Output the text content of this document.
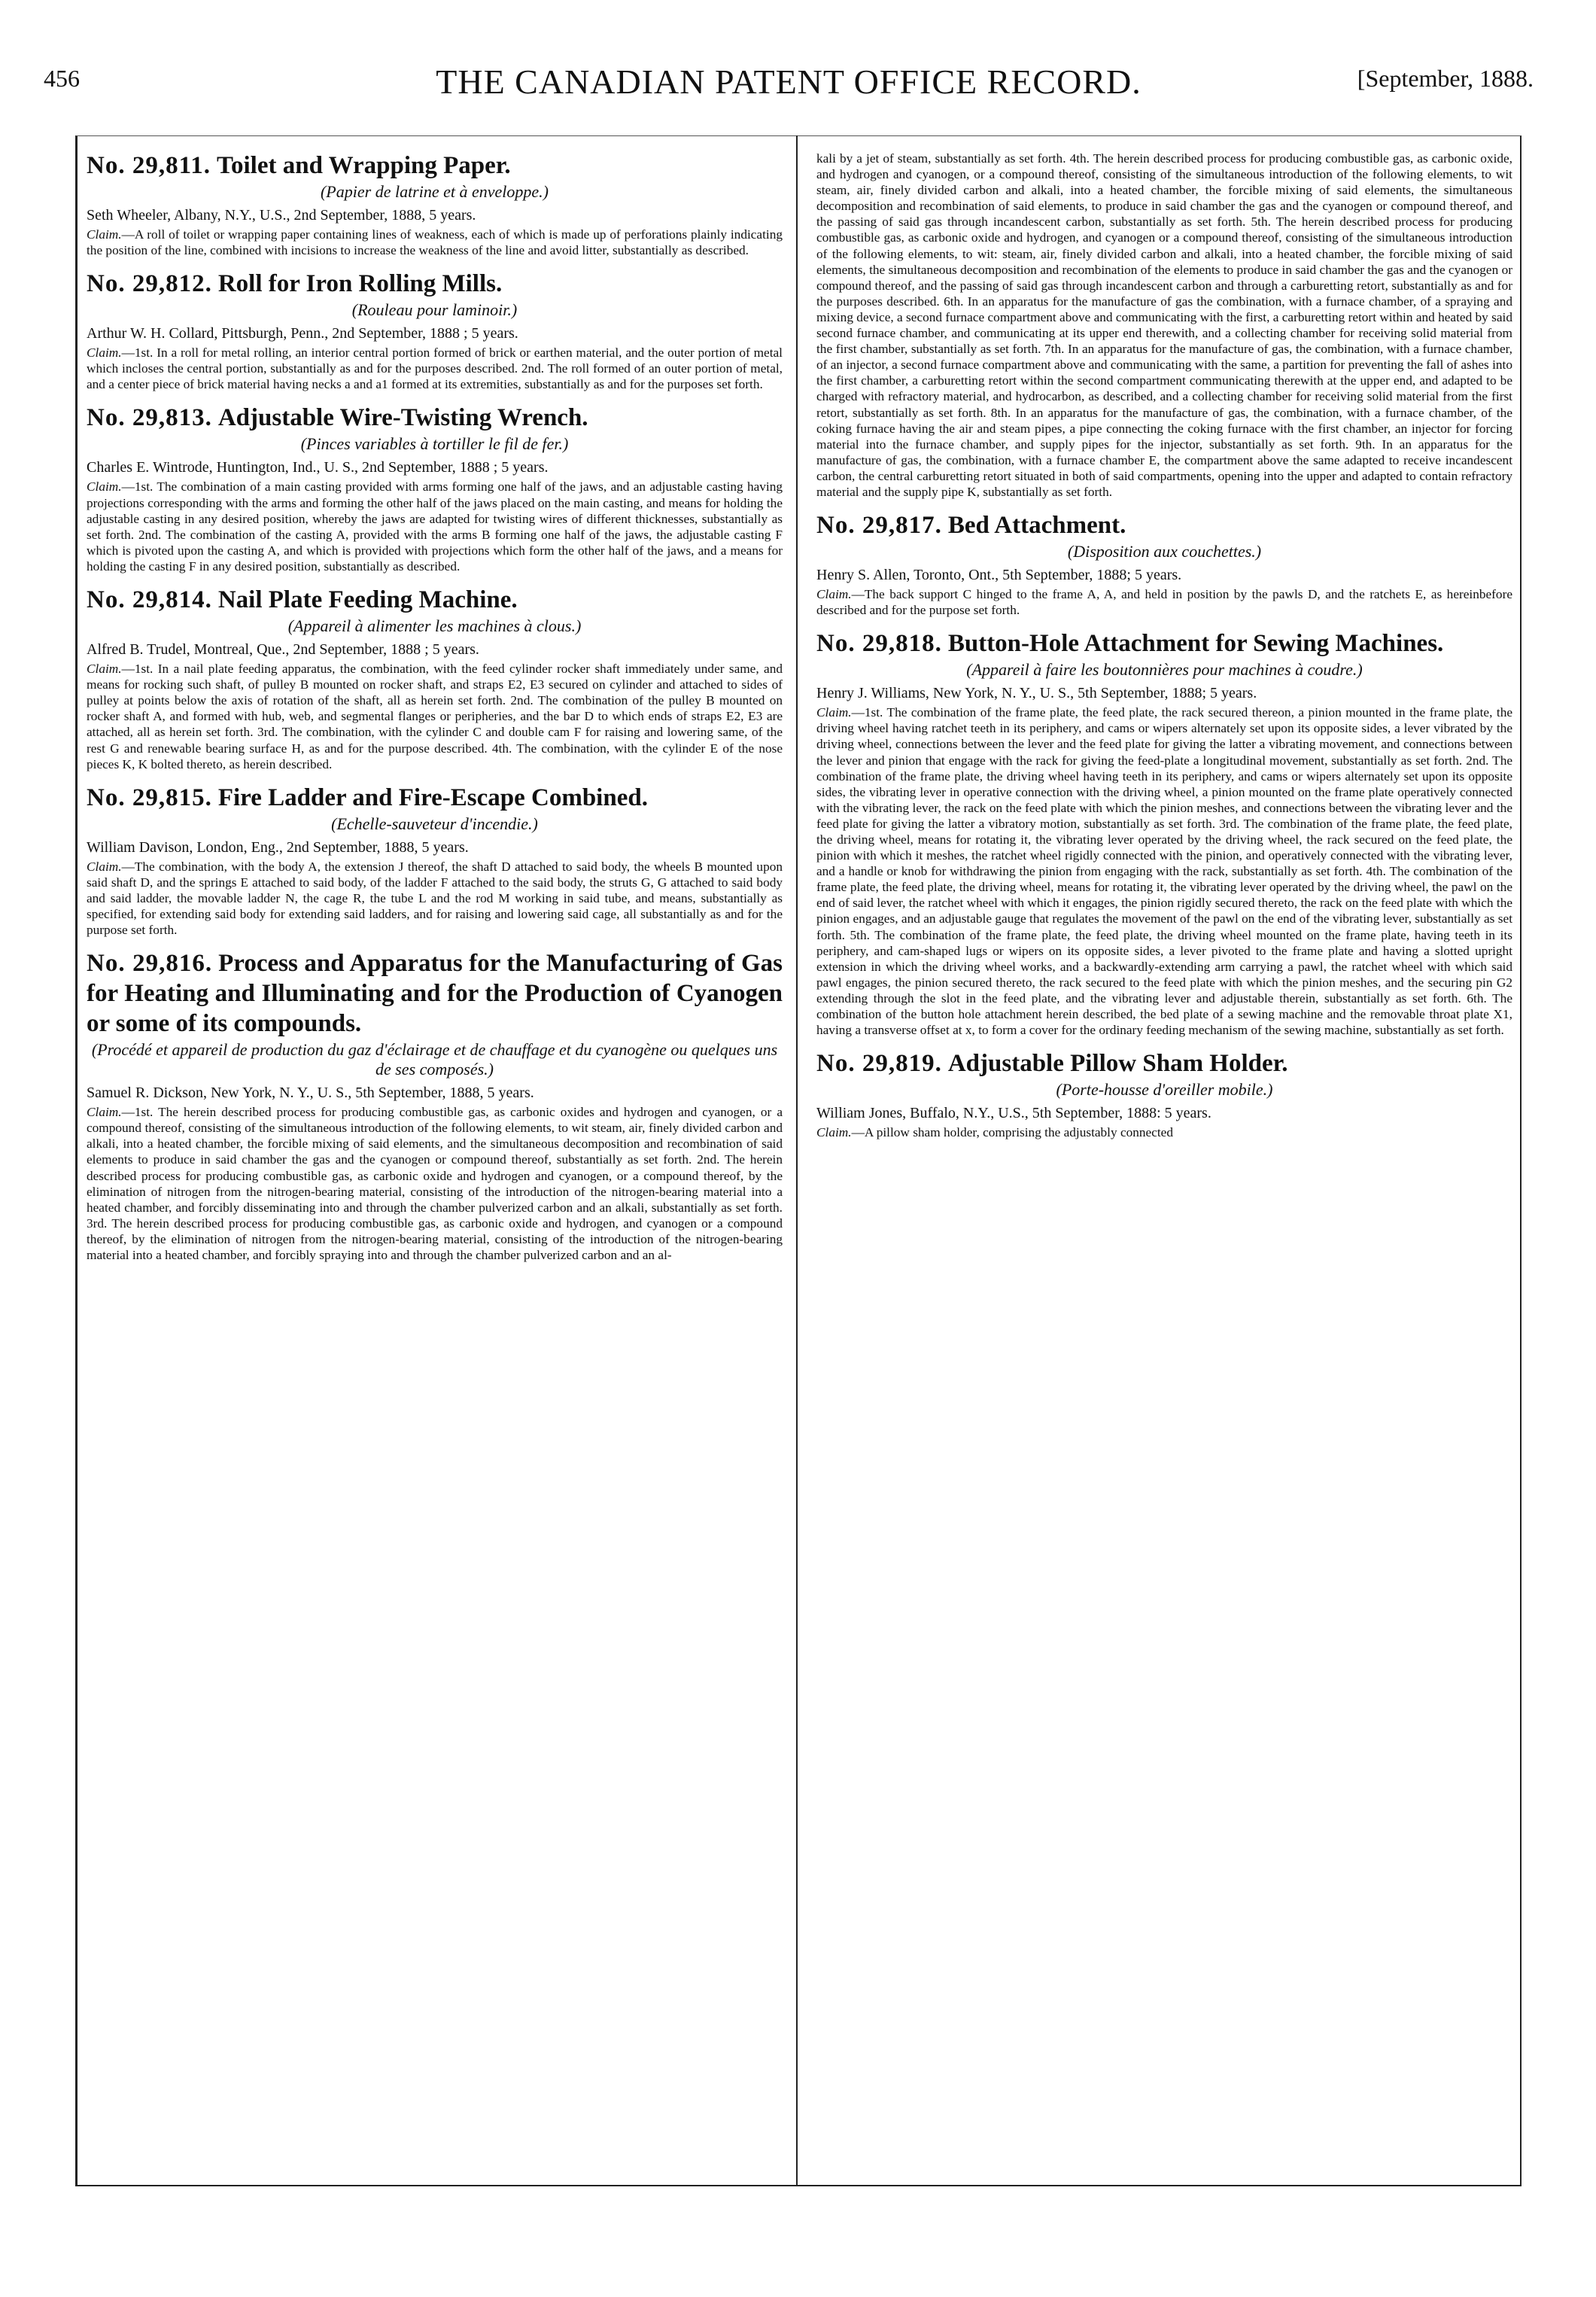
456	THE CANADIAN PATENT OFFICE RECORD.	[September, 1888.

No. 29,811. Toilet and Wrapping Paper.

(Papier de latrine et à enveloppe.)

Seth Wheeler, Albany, N.Y., U.S., 2nd September, 1888, 5 years.

Claim.—A roll of toilet or wrapping paper containing lines of weakness, each of which is made up of perforations plainly indicating the position of the line, combined with incisions to increase the weakness of the line and avoid litter, substantially as described.

No. 29,812. Roll for Iron Rolling Mills.

(Rouleau pour laminoir.)

Arthur W. H. Collard, Pittsburgh, Penn., 2nd September, 1888 ; 5 years.

Claim.—1st. In a roll for metal rolling, an interior central portion formed of brick or earthen material, and the outer portion of metal which incloses the central portion, substantially as and for the purposes described. 2nd. The roll formed of an outer portion of metal, and a center piece of brick material having necks a and a1 formed at its extremities, substantially as and for the purposes set forth.

No. 29,813. Adjustable Wire-Twisting Wrench.

(Pinces variables à tortiller le fil de fer.)

Charles E. Wintrode, Huntington, Ind., U. S., 2nd September, 1888 ; 5 years.

Claim.—1st. The combination of a main casting provided with arms forming one half of the jaws, and an adjustable casting having projections corresponding with the arms and forming the other half of the jaws placed on the main casting, and means for holding the adjustable casting in any desired position, whereby the jaws are adapted for twisting wires of different thicknesses, substantially as set forth. 2nd. The combination of the casting A, provided with the arms B forming one half of the jaws, the adjustable casting F which is pivoted upon the casting A, and which is provided with projections which form the other half of the jaws, and a means for holding the casting F in any desired position, substantially as described.

No. 29,814. Nail Plate Feeding Machine.

(Appareil à alimenter les machines à clous.)

Alfred B. Trudel, Montreal, Que., 2nd September, 1888 ; 5 years.

Claim.—1st. In a nail plate feeding apparatus, the combination, with the feed cylinder rocker shaft immediately under same, and means for rocking such shaft, of pulley B mounted on rocker shaft, and straps E2, E3 secured on cylinder and attached to sides of pulley at points below the axis of rotation of the shaft, all as herein set forth. 2nd. The combination of the pulley B mounted on rocker shaft A, and formed with hub, web, and segmental flanges or peripheries, and the bar D to which ends of straps E2, E3 are attached, all as herein set forth. 3rd. The combination, with the cylinder C and double cam F for raising and lowering same, of the rest G and renewable bearing surface H, as and for the purpose described. 4th. The combination, with the cylinder E of the nose pieces K, K bolted thereto, as herein described.

No. 29,815. Fire Ladder and Fire-Escape Combined.

(Echelle-sauveteur d'incendie.)

William Davison, London, Eng., 2nd September, 1888, 5 years.

Claim.—The combination, with the body A, the extension J thereof, the shaft D attached to said body, the wheels B mounted upon said shaft D, and the springs E attached to said body, of the ladder F attached to the said body, the struts G, G attached to said body and said ladder, the movable ladder N, the cage R, the tube L and the rod M working in said tube, and means, substantially as specified, for extending said body for extending said ladders, and for raising and lowering said cage, all substantially as and for the purpose set forth.

No. 29,816. Process and Apparatus for the Manufacturing of Gas for Heating and Illuminating and for the Production of Cyanogen or some of its compounds.

(Procédé et appareil de production du gaz d'éclairage et de chauffage et du cyanogène ou quelques uns de ses composés.)

Samuel R. Dickson, New York, N. Y., U. S., 5th September, 1888, 5 years.

Claim.—1st. The herein described process for producing combustible gas, as carbonic oxides and hydrogen and cyanogen, or a compound thereof, consisting of the simultaneous introduction of the following elements, to wit steam, air, finely divided carbon and alkali, into a heated chamber, the forcible mixing of said elements, and the simultaneous decomposition and recombination of said elements to produce in said chamber the gas and the cyanogen or compound thereof, substantially as set forth. 2nd. The herein described process for producing combustible gas, as carbonic oxide and hydrogen and cyanogen, or a compound thereof, by the elimination of nitrogen from the nitrogen-bearing material, consisting of the introduction of the nitrogen-bearing material into a heated chamber, and forcibly disseminating into and through the chamber pulverized carbon and an alkali, substantially as set forth. 3rd. The herein described process for producing combustible gas, as carbonic oxide and hydrogen, and cyanogen or a compound thereof, by the elimination of nitrogen from the nitrogen-bearing material, consisting of the introduction of the nitrogen-bearing material into a heated chamber, and forcibly spraying into and through the chamber pulverized carbon and an al-

kali by a jet of steam, substantially as set forth. 4th. The herein described process for producing combustible gas, as carbonic oxide, and hydrogen and cyanogen, or a compound thereof, consisting of the simultaneous introduction of the following elements, to wit steam, air, finely divided carbon and alkali, into a heated chamber, the forcible mixing of said elements, the simultaneous decomposition and recombination of said elements, to produce in said chamber the gas and the cyanogen or compound thereof, and the passing of said gas through incandescent carbon, substantially as set forth. 5th. The herein described process for producing combustible gas, as carbonic oxide and hydrogen, and cyanogen or a compound thereof, consisting of the simultaneous introduction of the following elements, to wit: steam, air, finely divided carbon and alkali, into a heated chamber, the forcible mixing of said elements, the simultaneous decomposition and recombination of the elements to produce in said chamber the gas and the cyanogen or compound thereof, and the passing of said gas through incandescent carbon and through a carburetting retort, substantially as and for the purposes described. 6th. In an apparatus for the manufacture of gas the combination, with a furnace chamber, of a spraying and mixing device, a second furnace compartment above and communicating with the first, a carburetting retort within and heated by said second furnace chamber, and communicating at its upper end therewith, and a collecting chamber for receiving solid material from the first chamber, substantially as set forth. 7th. In an apparatus for the manufacture of gas, the combination, with a furnace chamber, of an injector, a second furnace compartment above and communicating with the same, a partition for preventing the fall of ashes into the first chamber, a carburetting retort within the second compartment communicating therewith at the upper end, and adapted to be charged with refractory material, and hydrocarbon, as described, and a collecting chamber for receiving solid material from the first retort, substantially as set forth. 8th. In an apparatus for the manufacture of gas, the combination, with a furnace chamber, of the coking furnace having the air and steam pipes, a pipe connecting the coking furnace with the first chamber, an injector for forcing material into the furnace chamber, and supply pipes for the injector, substantially as set forth. 9th. In an apparatus for the manufacture of gas, the combination, with a furnace chamber E, the compartment above the same adapted to receive incandescent carbon, the central carburetting retort situated in both of said compartments, opening into the upper and adapted to contain refractory material and the supply pipe K, substantially as set forth.

No. 29,817. Bed Attachment.

(Disposition aux couchettes.)

Henry S. Allen, Toronto, Ont., 5th September, 1888; 5 years.

Claim.—The back support C hinged to the frame A, A, and held in position by the pawls D, and the ratchets E, as hereinbefore described and for the purpose set forth.

No. 29,818. Button-Hole Attachment for Sewing Machines.

(Appareil à faire les boutonnières pour machines à coudre.)

Henry J. Williams, New York, N. Y., U. S., 5th September, 1888; 5 years.

Claim.—1st. The combination of the frame plate, the feed plate, the rack secured thereon, a pinion mounted in the frame plate, the driving wheel having ratchet teeth in its periphery, and cams or wipers alternately set upon its opposite sides, a lever vibrated by the driving wheel, connections between the lever and the feed plate for giving the latter a vibrating movement, and connections between the lever and pinion that engage with the rack for giving the feed-plate a longitudinal movement, substantially as set forth. 2nd. The combination of the frame plate, the driving wheel having teeth in its periphery, and cams or wipers alternately set upon its opposite sides, the vibrating lever in operative connection with the driving wheel, a pinion mounted on the frame plate operatively connected with the vibrating lever, the rack on the feed plate with which the pinion meshes, and connections between the vibrating lever and the feed plate for giving the latter a vibratory motion, substantially as set forth. 3rd. The combination of the frame plate, the feed plate, the driving wheel, means for rotating it, the vibrating lever operated by the driving wheel, the rack secured on the feed plate, the pinion with which it meshes, the ratchet wheel rigidly connected with the pinion, and operatively connected with the vibrating lever, and a handle or knob for withdrawing the pinion from engaging with the rack, substantially as set forth. 4th. The combination of the frame plate, the feed plate, the driving wheel, means for rotating it, the vibrating lever operated by the driving wheel, the pawl on the end of said lever, the ratchet wheel with which it engages, the pinion rigidly secured thereto, the rack on the feed plate with which the pinion engages, and an adjustable gauge that regulates the movement of the pawl on the end of the vibrating lever, substantially as set forth. 5th. The combination of the frame plate, the feed plate, the driving wheel mounted on the frame plate, having teeth in its periphery, and cam-shaped lugs or wipers on its opposite sides, a lever pivoted to the frame plate and having a slotted upright extension in which the driving wheel works, and a backwardly-extending arm carrying a pawl, the ratchet wheel with which said pawl engages, the pinion secured thereto, the rack secured to the feed plate with which the pinion meshes, and the securing pin G2 extending through the slot in the feed plate, and the vibrating lever and adjustable therein, substantially as set forth. 6th. The combination of the button hole attachment herein described, the bed plate of a sewing machine and the removable throat plate X1, having a transverse offset at x, to form a cover for the ordinary feeding mechanism of the sewing machine, substantially as set forth.

No. 29,819. Adjustable Pillow Sham Holder.

(Porte-housse d'oreiller mobile.)

William Jones, Buffalo, N.Y., U.S., 5th September, 1888: 5 years.

Claim.—A pillow sham holder, comprising the adjustably connected
